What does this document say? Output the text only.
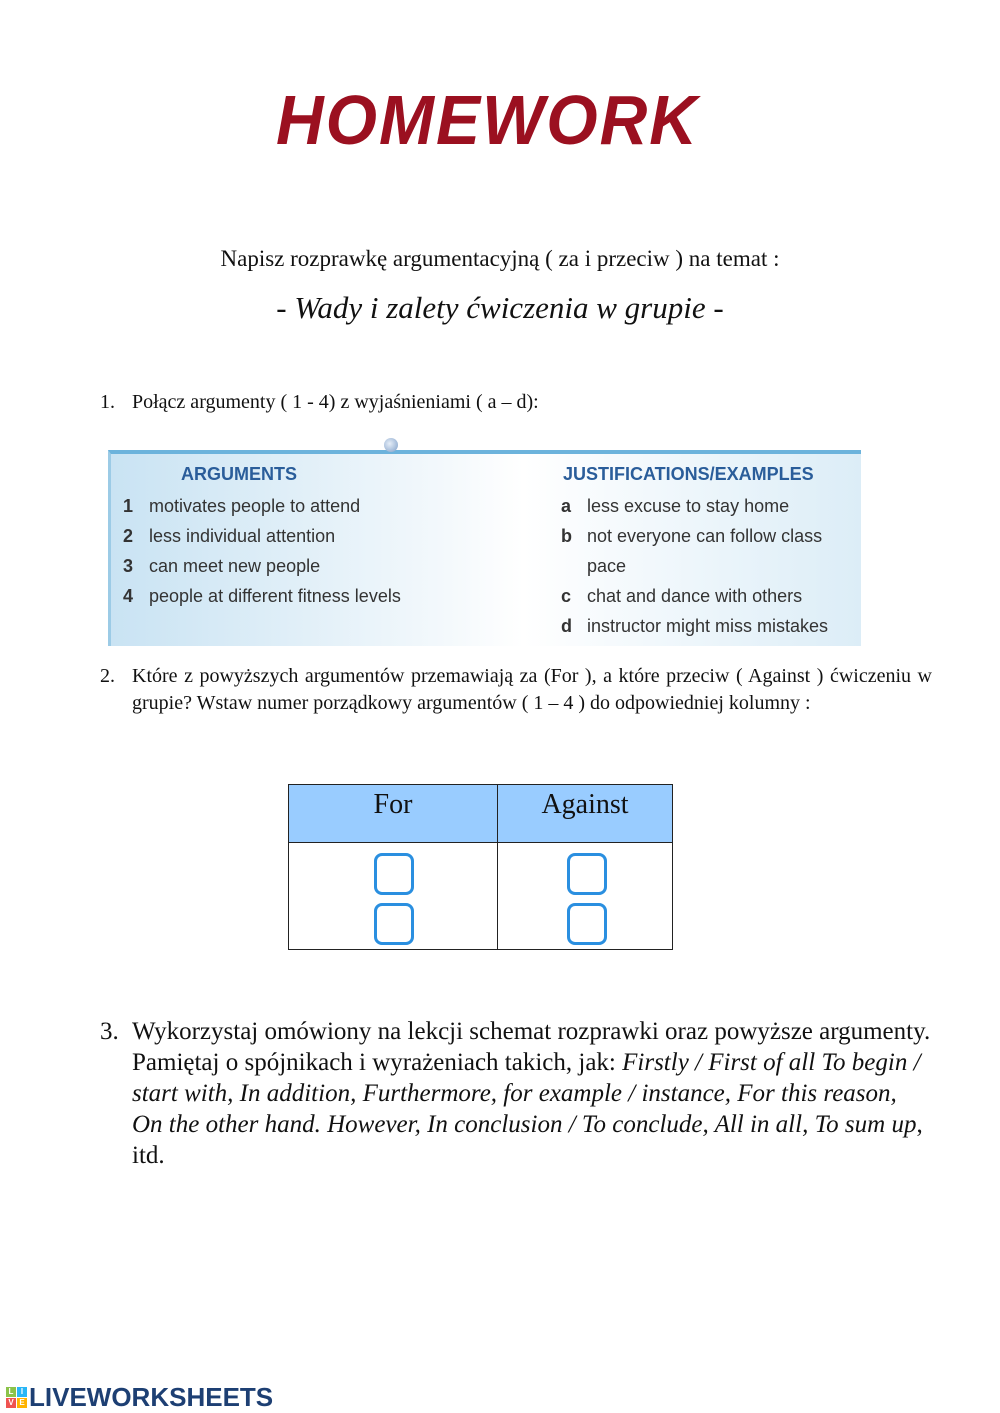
HOMEWORK
Napisz rozprawkę argumentacyjną ( za i przeciw ) na temat :
- Wady i zalety ćwiczenia w grupie -
1. Połącz argumenty ( 1 - 4) z wyjaśnieniami ( a – d):
ARGUMENTS
1 motivates people to attend
2 less individual attention
3 can meet new people
4 people at different fitness levels
JUSTIFICATIONS/EXAMPLES
a less excuse to stay home
b not everyone can follow class pace
c chat and dance with others
d instructor might miss mistakes
2. Które z powyższych argumentów przemawiają za (For ), a które przeciw ( Against ) ćwiczeniu w grupie? Wstaw numer porządkowy argumentów ( 1 – 4 ) do odpowiedniej kolumny :
For	Against

3. Wykorzystaj omówiony na lekcji schemat rozprawki oraz powyższe argumenty. Pamiętaj o spójnikach i wyrażeniach takich, jak: Firstly / First of all To begin / start with, In addition, Furthermore, for example / instance, For this reason, On the other hand. However, In conclusion / To conclude, All in all, To sum up, itd.
L I
V E LIVEWORKSHEETS
